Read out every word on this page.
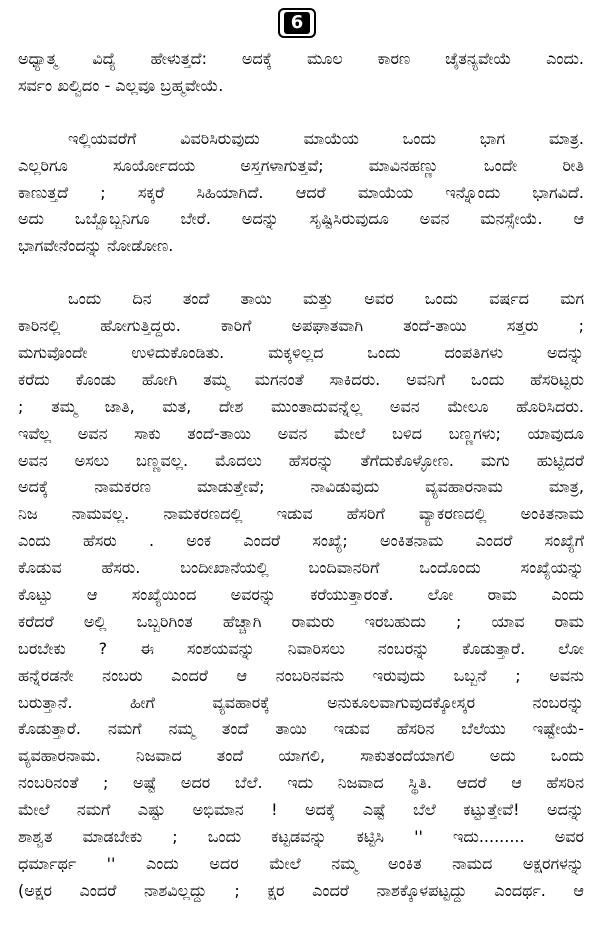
6
ಅಧ್ಯಾತ್ಮ ವಿದ್ಯೆ ಹೇಳುತ್ತದೆ: ಅದಕ್ಕೆ ಮೂಲ ಕಾರಣ ಚೈತನ್ಯವೇಯೆ ಎಂದು.
ಸರ್ವಂ ಖಲ್ವಿದಂ - ಎಲ್ಲವೂ ಬ್ರಹ್ಮವೇಯೆ.
ಇಲ್ಲಿಯವರೆಗೆ ವಿವರಿಸಿರುವುದು ಮಾಯೆಯ ಒಂದು ಭಾಗ ಮಾತ್ರ.
ಎಲ್ಲರಿಗೂ ಸೂರ್ಯೋದಯ ಅಸ್ತಗಳಾಗುತ್ತವೆ; ಮಾವಿನಹಣ್ಣು ಒಂದೇ ರೀತಿ
ಕಾಣುತ್ತದೆ ; ಸಕ್ಕರೆ ಸಿಹಿಯಾಗಿದೆ. ಆದರೆ ಮಾಯೆಯ ಇನ್ನೊಂದು ಭಾಗವಿದೆ.
ಅದು ಒಬ್ಬೊಬ್ಬನಿಗೂ ಬೇರೆ. ಅದನ್ನು ಸೃಷ್ಟಿಸಿರುವುದೂ ಅವನ ಮನಸ್ಸೇಯೆ. ಆ
ಭಾಗವೇನೆಂದನ್ನು ನೋಡೋಣ.
ಒಂದು ದಿನ ತಂದೆ ತಾಯಿ ಮತ್ತು ಅವರ ಒಂದು ವರ್ಷದ ಮಗ
ಕಾರಿನಲ್ಲಿ ಹೋಗುತ್ತಿದ್ದರು. ಕಾರಿಗೆ ಅಪಘಾತವಾಗಿ ತಂದೆ-ತಾಯಿ ಸತ್ತರು ;
ಮಗುವೊಂದೇ ಉಳಿದುಕೊಂಡಿತು. ಮಕ್ಕಳಿಲ್ಲದ ಒಂದು ದಂಪತಿಗಳು ಅದನ್ನು
ಕರೆದು ಕೊಂಡು ಹೋಗಿ ತಮ್ಮ ಮಗನಂತೆ ಸಾಕಿದರು. ಅವನಿಗೆ ಒಂದು ಹೆಸರಿಟ್ಟರು
; ತಮ್ಮ ಜಾತಿ, ಮತ, ದೇಶ ಮುಂತಾದುವನ್ನೆಲ್ಲ ಅವನ ಮೇಲೂ ಹೊರಿಸಿದರು.
ಇವೆಲ್ಲ ಅವನ ಸಾಕು ತಂದೆ-ತಾಯಿ ಅವನ ಮೇಲೆ ಬಳಿದ ಬಣ್ಣಗಳು; ಯಾವುದೂ
ಅವನ ಅಸಲು ಬಣ್ಣವಲ್ಲ. ಮೊದಲು ಹೆಸರನ್ನು ತೆಗೆದುಕೊಳ್ಳೋಣ. ಮಗು ಹುಟ್ಟಿದರೆ
ಅದಕ್ಕೆ ನಾಮಕರಣ ಮಾಡುತ್ತೇವೆ; ನಾವಿಡುವುದು ವ್ಯವಹಾರನಾಮ ಮಾತ್ರ,
ನಿಜ ನಾಮವಲ್ಲ. ನಾಮಕರಣದಲ್ಲಿ ಇಡುವ ಹೆಸರಿಗೆ ವ್ಯಾಕರಣದಲ್ಲಿ ಅಂಕಿತನಾಮ
ಎಂದು ಹೆಸರು . ಅಂಕ ಎಂದರೆ ಸಂಖ್ಯೆ; ಅಂಕಿತನಾಮ ಎಂದರೆ ಸಂಖ್ಯೆಗೆ
ಕೊಡುವ ಹೆಸರು. ಬಂದೀಖಾನೆಯಲ್ಲಿ ಬಂದಿವಾನರಿಗೆ ಒಂದೊಂದು ಸಂಖ್ಯೆಯನ್ನು
ಕೊಟ್ಟು ಆ ಸಂಖ್ಯೆಯಿಂದ ಅವರನ್ನು ಕರೆಯುತ್ತಾರಂತೆ. ಲೋ ರಾಮ ಎಂದು
ಕರೆದರೆ ಅಲ್ಲಿ ಒಬ್ಬರಿಗಿಂತ ಹೆಚ್ಚಾಗಿ ರಾಮರು ಇರಬಹುದು ; ಯಾವ ರಾಮ
ಬರಬೇಕು ? ಈ ಸಂಶಯವನ್ನು ನಿವಾರಿಸಲು ನಂಬರನ್ನು ಕೊಡುತ್ತಾರೆ. ಲೋ
ಹನ್ನೆರಡನೇ ನಂಬರು ಎಂದರೆ ಆ ನಂಬರಿನವನು ಇರುವುದು ಒಬ್ಬನೆ ; ಅವನು
ಬರುತ್ತಾನೆ. ಹೀಗೆ ವ್ಯವಹಾರಕ್ಕೆ ಅನುಕೂಲವಾಗುವುದಕ್ಕೋಸ್ಕರ ನಂಬರನ್ನು
ಕೊಡುತ್ತಾರೆ. ನಮಗೆ ನಮ್ಮ ತಂದೆ ತಾಯಿ ಇಡುವ ಹೆಸರಿನ ಬೆಲೆಯು ಇಷ್ಟೇಯೆ-
ವ್ಯವಹಾರನಾಮ. ನಿಜವಾದ ತಂದೆ ಯಾಗಲಿ, ಸಾಕುತಂದೆಯಾಗಲಿ ಅದು ಒಂದು
ನಂಬರಿನಂತೆ ; ಅಷ್ಟೆ ಅದರ ಬೆಲೆ. ಇದು ನಿಜವಾದ ಸ್ಥಿತಿ. ಆದರೆ ಆ ಹೆಸರಿನ
ಮೇಲೆ ನಮಗೆ ಎಷ್ಟು ಅಭಿಮಾನ ! ಅದಕ್ಕೆ ಎಷ್ಟೆ ಬೆಲೆ ಕಟ್ಟುತ್ತೇವೆ! ಅದನ್ನು
ಶಾಶ್ವತ ಮಾಡಬೇಕು ; ಒಂದು ಕಟ್ಟಡವನ್ನು ಕಟ್ಟಿಸಿ '' ಇದು......... ಅವರ
ಧರ್ಮಾರ್ಥ '' ಎಂದು ಅದರ ಮೇಲೆ ನಮ್ಮ ಅಂಕಿತ ನಾಮದ ಅಕ್ಷರಗಳನ್ನು
(ಅಕ್ಷರ ಎಂದರೆ ನಾಶವಿಲ್ಲದ್ದು ; ಕ್ಷರ ಎಂದರೆ ನಾಶಕ್ಕೊಳಪಟ್ಟದ್ದು ಎಂದರ್ಥ. ಆ
